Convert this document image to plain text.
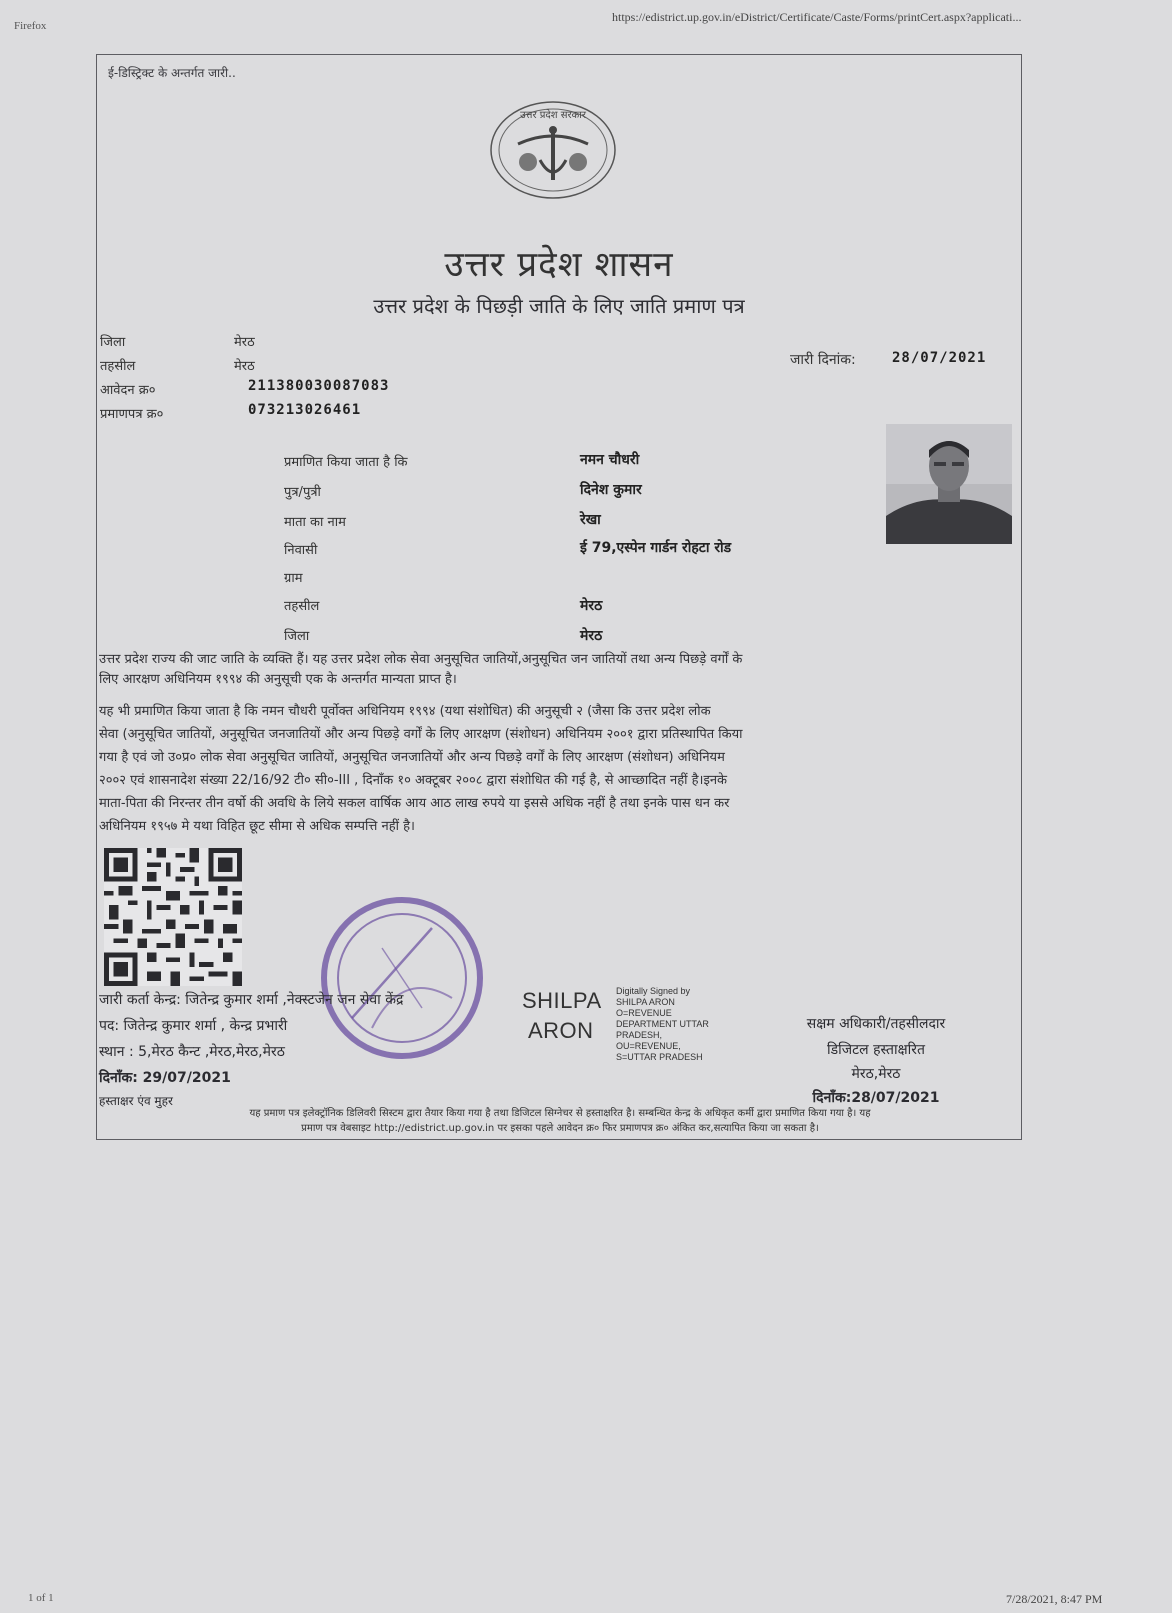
Firefox
https://edistrict.up.gov.in/eDistrict/Certificate/Caste/Forms/printCert.aspx?applicati...
1 of 1	7/28/2021, 8:47 PM
ई-डिस्ट्रिक्ट के अन्तर्गत जारी..
उत्तर प्रदेश सरकार
उत्तर प्रदेश शासन
उत्तर प्रदेश के पिछड़ी जाति के लिए जाति प्रमाण पत्र
जिला	मेरठ
तहसील	मेरठ
आवेदन क्र०	211380030087083
प्रमाणपत्र क्र०	073213026461
जारी दिनांक:	28/07/2021
प्रमाणित किया जाता है कि	नमन चौधरी
पुत्र/पुत्री	दिनेश कुमार
माता का नाम	रेखा
निवासी	ई 79,एस्पेन गार्डन रोहटा रोड
ग्राम
तहसील	मेरठ
जिला	मेरठ
उत्तर प्रदेश राज्य की जाट जाति के व्यक्ति हैं। यह उत्तर प्रदेश लोक सेवा अनुसूचित जातियों,अनुसूचित जन जातियों तथा अन्य पिछड़े वर्गों के
लिए आरक्षण अधिनियम १९९४ की अनुसूची एक के अन्तर्गत मान्यता प्राप्त है।
यह भी प्रमाणित किया जाता है कि नमन चौधरी पूर्वोक्त अधिनियम १९९४ (यथा संशोधित) की अनुसूची २ (जैसा कि उत्तर प्रदेश लोक
सेवा (अनुसूचित जातियों, अनुसूचित जनजातियों और अन्य पिछड़े वर्गों के लिए आरक्षण (संशोधन) अधिनियम २००१ द्वारा प्रतिस्थापित किया
गया है एवं जो उ०प्र० लोक सेवा अनुसूचित जातियों, अनुसूचित जनजातियों और अन्य पिछड़े वर्गों के लिए आरक्षण (संशोधन) अधिनियम
२००२ एवं शासनादेश संख्या 22/16/92 टी० सी०-III , दिनाँक १० अक्टूबर २००८ द्वारा संशोधित की गई है, से आच्छादित नहीं है।इनके
माता-पिता की निरन्तर तीन वर्षो की अवधि के लिये सकल वार्षिक आय आठ लाख रुपये या इससे अधिक नहीं है तथा इनके पास धन कर
अधिनियम १९५७ मे यथा विहित छूट सीमा से अधिक सम्पत्ति नहीं है।
जारी कर्ता केन्द्र: जितेन्द्र कुमार शर्मा ,नेक्स्टजेन जन सेवा केंद्र
पद: जितेन्द्र कुमार शर्मा , केन्द्र प्रभारी
स्थान : 5,मेरठ कैन्ट ,मेरठ,मेरठ,मेरठ
दिनाँक: 29/07/2021
हस्ताक्षर एंव मुहर
SHILPA
ARON
Digitally Signed by
SHILPA ARON
O=REVENUE
DEPARTMENT UTTAR
PRADESH,
OU=REVENUE,
S=UTTAR PRADESH
सक्षम अधिकारी/तहसीलदार
डिजिटल हस्ताक्षरित
मेरठ,मेरठ
दिनाँक:28/07/2021
यह प्रमाण पत्र इलेक्ट्रॉनिक डिलिवरी सिस्टम द्वारा तैयार किया गया है तथा डिजिटल सिग्नेचर से हस्ताक्षरित है। सम्बन्धित केन्द्र के अधिकृत कर्मी द्वारा प्रमाणित किया गया है। यह
प्रमाण पत्र वेबसाइट http://edistrict.up.gov.in पर इसका पहले आवेदन क्र० फिर प्रमाणपत्र क्र० अंकित कर,सत्यापित किया जा सकता है।
